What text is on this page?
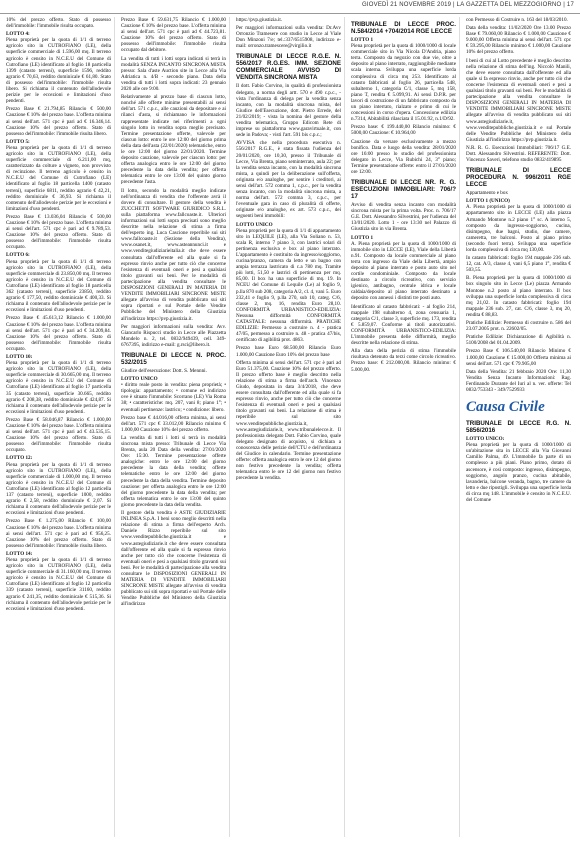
GIOVEDÌ 21 NOVEMBRE 2019 | LA GAZZETTA DEL MEZZOGIORNO | 17

10% del prezzo offerto. Stato di possesso dell'immobile: l'immobile risulta occupato.

LOTTO 4:

Piena proprietà per la quota di 1/1 di terreno agricolo sito in CUTROFIANO (LE), della superficie commerciale di 1.596,00 mq. Il terreno agricolo è censito in N.C.E.U del Comune di Cutrofiano (LE) identificato al foglio 18 particella 1399 (catasto terreni), superficie 1596, reddito agrario € 70,63, reddito dominicale € 61,80. Stato di possesso dell'immobile: l'immobile risulta libero. Si richiama il contenuto dell'allodevole perizie per le eccezioni e limitazioni d'uso pendenti.

Prezzo Base € 21.794,85 Rilancio € 500,00 Cauzione € 10% del prezzo base. L'offerta minima ai sensi dell'art. 571 cpc è pari ad € 16.346,14. Cauzione 10% del prezzo offerto. Stato di possesso dell'immobile: l'immobile risulta libero.

LOTTO 5:

Piena proprietà per la quota di 1/1 di terreno agricolo sito in CUTROFIANO (LE), della superficie commerciale di 6.211,00 mq, caratterizzato da colture a vigneto, non provvisto di recinzione. Il terreno agricolo è censito in N.C.E.U del Comune di Cutrofiano (LE) identificato al foglio 18 particella 1400 (catasto terreni), superficie 6811, reddito agrario € 42,21, reddito dominicale € 36,93. Si richiama il contenuto dell'allodevole perizie per le eccezioni e limitazioni d'uso pendenti.

Prezzo Base € 13.036,04 Rilancio € 500,00 Cauzione € 10% del prezzo base. L'offerta minima ai sensi dell'art. 571 cpc è pari ad € 9.789,53. Cauzione 10% del prezzo offerto. Stato di possesso dell'immobile: l'immobile risulta occupato.

LOTTO 6:

Piena proprietà per la quota di 1/1 di terreno agricolo sito in CUTROFIANO (LE), della superficie commerciale di 23.850,00 mq. Il terreno agricolo è censito in N.C.E.U del Comune di Cutrofiano (LE) identificato al foglio 18 particella 362 (catasto terreni), superficie 23850, reddito agrario € 177,50, reddito dominicale € 400,33. Si richiama il contenuto dell'allodevole perizie per le eccezioni e limitazioni d'uso pendenti.

Prezzo Base € 45.613,12 Rilancio € 1.000,00 Cauzione € 10% del prezzo base. L'offerta minima ai sensi dell'art. 571 cpc è pari ad € 34.209,84. Cauzione 10% del prezzo offerto. Stato di possesso dell'immobile: l'immobile risulta occupato.

LOTTO 10:

Piena proprietà per la quota di 1/1 di terreno agricolo sito in CUTROFIANO (LE), della superficie commerciale di 30.665,00 mq. Il terreno agricolo è censito in N.C.E.U del Comune di Cutrofiano (LE) identificato al foglio 17 particella 35 (catasto terreni), superficie 30.665, reddito agrario € 208,38, reddito dominicale € 424,87. Si richiama il contenuto dell'allodevole perizie per le eccezioni e limitazioni d'uso pendenti.

Prezzo Base € 58.046,87 Rilancio € 1.000,00 Cauzione € 10% del prezzo base. L'offerta minima ai sensi dell'art. 571 cpc è pari ad € 43.535,15. Cauzione 10% del prezzo offerto. Stato di possesso dell'immobile: l'immobile risulta occupato.

LOTTO 12:

Piena proprietà per la quota di 1/1 di terreno agricolo sito in CUTROFIANO (LE), della superficie commerciale di 1.000,00 mq. Il terreno agricolo è censito in N.C.E.U del Comune di Cutrofiano (LE) identificato al foglio 12 particella 137 (catasto terreni), superficie 1000, reddito agrario € 2,58, reddito dominicale € 2,07. Si richiama il contenuto dell'allodevole perizie per le eccezioni e limitazioni d'uso pendenti.

Prezzo Base € 1.275,00 Rilancio € 100,00 Cauzione € 10% del prezzo base. L'offerta minima ai sensi dell'art. 571 cpc è pari ad € 956,25. Cauzione 10% del prezzo offerto. Stato di possesso dell'immobile: l'immobile risulta libero.

LOTTO 14:

Piena proprietà per la quota di 1/1 di terreno agricolo sito in CUTROFIANO (LE), della superficie commerciale di 31.160,00 mq. Il terreno agricolo è censito in N.C.E.U del Comune di Cutrofiano (LE) identificato al foglio 12 particella 339 (catasto terreni), superficie 31160, reddito agrario € 241,35, reddito dominicale € 515,36. Si richiama il contenuto dell'allodevole perizie per le eccezioni e limitazioni d'uso pendenti.

Prezzo Base € 59.631,75 Rilancio € 1.000,00 Cauzione € 10% del prezzo base. L'offerta minima ai sensi dell'art. 571 cpc è pari ad € 44.723,81. Cauzione 10% del prezzo offerto. Stato di possesso dell'immobile: l'immobile risulta occupato dal debitore.

La vendita di tutti i lotti sopra indicati si terrà in modalità SENZA INCANTO SINCRONA MISTA presso: Sala d'aste Auction site in Lecce alla Via Adriatica n. 4/B - secondo piano. Data della vendita di tutti i lotti sopra indicati: 23 gennaio 2020 alle ore 9:00.

Relativamente al prezzo base di ciascun lotto, nonché alle offerte minime presentabili ai sensi dell'art. 571 c.p.c., alle cauzioni da depositare e ai rilanci d'asta, si richiamano le informazioni rappresentate indicate nei riferimenti a ogni singolo lotto in vendita sopra meglio precisato. Termine presentazione offerte, valevole per ciascun lotto: entro le ore 12:00 del giorno prima della data dell'asta (22/01/2020) telematiche, entro le ore 12:00 del giorno 22/01/2020. Termine deposito cauzione, valevole per ciascun lotto: per offerta analogica entro le ore 12:00 del giorno precedente la data della vendita; per offerta telematica entro le ore 13:00 del quinto giorno precedente l'asta.

Il lotto, secondo la modalità meglio indicate nell'ordinanza di vendita che l'offerente avrà il dovere di consultare. Il gestore della vendita è ZUCCHETTI SOFTWARE GIURIDICO S.R.L. sulla piattaforma www.fallcoaste.it. Ulteriori informazioni sui lotti sopra precisati sono meglio descritte nella relazione di stima a firma dell'esperto ing. Luca Cascione reperibile sui siti www.fallcoaste.it (Sezione della Vendita), www.osanet.it, www.asteannunci.it e www.venditegiudiziarieitalia.it che deve essere consultata dall'offerente ed alla quale si fa espresso rinvio anche per tutto ciò che concerne l'esistenza di eventuali oneri e pesi a qualsiasi titolo gravanti sui beni. Per le modalità di partecipazione alla vendita consultare le DISPOSIZIONI GENERALI IN MATERIA DI VENDITE IMMOBILIARI SINCRONE MISTE allegate all'avviso di vendita pubblicato sui siti sopra riportati e sul Portale delle Vendite Pubbliche del Ministero della Giustizia all'indirizzo https://pvp.giustizia.it.

Per maggiori informazioni sulla vendita: Avv. Giancarlo Rispucci studio in Lecce alle Piazzetta Mondelo n. 2, tel. 0832/949439, cell. 349-6767395, indirizzo e-mail: g.rsci@libero.it.

TRIBUNALE DI LECCE N. PROC. 532/2015

Giudice dell'esecuzione: Dott. S. Mennni.

LOTTO UNICO

• diritto reale posto in vendita: piena proprietà; • tipologia: appartamento; • comune ed indirizzo ove è situato l'immobile: Scorrano (LE) Via Roma 38; • caratteristiche: mq. 207, vani 8; piano 1°; • eventuali pertinenze: lastrico; • condizione: libero.

Prezzo base € 44.016,00 offerta minima, ai sensi dell'art. 571 cpc € 33.012,00 Rilancio minimo € 1.000,00 Cauzione 10% del prezzo offerto.

La vendita di tutti i lotti si terrà in modalità sincrona mista presso: Tribunale di Lecce Via Brenta, aula 20 Data della vendita: 27/01/2020 Ore: 15:30. Termine presentazione offerte analogiche: entro le ore 12:00 del giorno precedente la data della vendita; offerte telematiche entro le ore 12:00 del giorno precedente la data della vendita. Termine deposito cauzione: per offerta analogica entro le ore 12:00 del giorno precedente la data della vendita; per offerta telematica entro le ore 13:00 del quinto giorno precedente la data della vendita.

Il gestore della vendita è ASTE GIUDIZIARIE INLINEA S.p.A. I beni sono meglio descritti nella relazione di stima a firma dell'esperto Arch. Daniele Rizzo reperibile sul sito www.venditepubbliche.giustizia.it e www.astegiudiziarie.it che deve essere consultata dall'offerente ed alla quale si fa espresso rinvio anche per tutto ciò che concerne l'esistenza di eventuali oneri e pesi a qualsiasi titolo gravanti sui beni. Per le modalità di partecipazione alla vendita consultare le DISPOSIZIONI GENERALI IN MATERIA DI VENDITE IMMOBILIARI SINCRONE MISTE allegate all'avviso di vendita pubblicato sui siti sopra riportati e sul Portale delle Vendite Pubbliche del Ministero della Giustizia all'indirizzo

https://pvp.giustizia.it.

Per maggiori informazioni sulla vendita: Dr.Avv Orronzio Tramesere con studio in Lecce al Viale Don Minzoni 7/e; tel.:337/6515908, indirizzo e-mail: orronzo.tramescere@virgilio.it

TRIBUNALE DI LECCE R.G.E. N. 556/2017 R.G.ES. IMM. SEZIONE COMMERCIALE AVVISO DI VENDITA SINCRONA MISTA

Il dott. Fabio Corvino, in qualità di professionista delegato, a norma degli artt. 570 e 490 c.p.c., - vista l'ordinanza di delega per la vendita senza incanto, con la modalità sincrona mista, del Giudice dell'Esecuzione, dott. Pietro Errede, del 21/02/2019; - vista la nomina del gestore della vendita telematica, Gruppo Edicom Rete di imprese su piattaforma www.garavirtuale.it, con sede in Padova; - visti l'art. 591 bis c.p.c.;

AVVISA che nella procedura esecutiva n. 556/2017 R.G.E., è stata fissata l'udienza del 20/01/2020, ore 10,30, presso il Tribunale di Lecce, Via Brenta, piano seminterrato, aula 22; per la vendita senza incanto, con la modalità sincrona mista, a quindi per la deliberazione sull'offerta, originata e/o analoghe, per sentire i creditori, ai sensi dell'art. 572 comma 1, c.p.c., per la vendita senza incanto, con la modalità sincrona mista, a norma dell'art. 572 comma 3, c.p.c., per l'eventuale gara in caso di pluralità di offerte, originate e/o analoghe, ex art. 573 c.p.c., dei seguenti beni immobili:

LOTTO UNICO

Piena proprietà per la quota di 1/1 di appartamento sito in LEQUILE (LE), alla Via Soliano n. 53, scala R, interno 7 piano 3, con lastrici solari di pertinenza esclusiva e box al piano interrato. L'appartamento è costituito da ingresso/soggiorno, cucina/pranzo, camera da letto e un bagno con ampia terrazza lastricato di c.a 780 mq. Tramite più lotti, 51,50 e lastrici di pertinenza per mq. 85,00. Il box ha una superficie di mq. 19. In NCEU del Comune di Lequile (Le) al foglio 9, p.lla 870 sub 208, categoria A/2, cl. 4, vani 5. Euro 232,41 e foglio 9, p.lla 270, sub 10, categ. C/6, classe 2, mq. 16, rendita Euro 28,10. CONFORMITÀ URBANISTICO-EDILIZIA: Nessuna difformità CONFORMITÀ CATASTALE: nessuna difformità. PRATICHE EDILIZIE: Permesso a costruire n. 4 - pratica 47/05, permesso a costruire n. 48 - pratica 47/bis, certificato di agibilità prot. 4863.

Prezzo base Euro 68.500,00 Rilancio Euro 1.000,00 Cauzione Euro 10% del prezzo base

Offerta minima ai sensi dell'art. 571 cpc è pari ad Euro 51.375,00. Cauzione 10% del prezzo offerto. Il prezzo offerto base è meglio descritto nella relazione di stima a firma dell'arch. Vincenzo Giudo, depositata in data 3/4/2018, che deve essere consultata dall'offerente ed alla quale si fa espresso rinvio, anche per tutto ciò che concerne l'esistenza di eventuali oneri e pesi a qualsiasi titolo gravanti sui beni. La relazione di stima è reperibile sul sito www.venditepubbliche.giustizia.it, www.astegiudiziarie.it, www.tribunalelecce.it. Il professionista delegato Dott. Fabio Corvino, quale delegato designato di acquisto, si dichiara a conoscenza delle perizie dell'CTU e dell'ordinanza del Giudice in calendario. Termine presentazione offerte: offerta analogica entro le ore 12 del giorno non festivo precedente la vendita; offerta telematica entro le ore 12 del giorno non festivo precedente la vendita.

TRIBUNALE DI LECCE PROC. N.584/2014 +704/2014 RGE LECCE

LOTTO 1

Piena proprietà per la quota di 1000/1000 di locale commerciale sito in Via Nicola D'Andria, piano terra. Composto da negozio con due vie, oltre a deposito al piano interrato, raggiungibile mediante scala interna. Sviluppa una superficie lorda complessiva di circa mq 253. Identificato al catasto fabbricati al foglio 26, particella 548, subalterno 1, categoria C/1, classe 5, mq 158, piano T, rendita € 5.099,91. Ai sensi D.P.R. per lavori di costruzione di un fabbricato composto da un piano interrato, rialzato e primo di cui le concessioni in corso d'opera. Concessione edilizia n.7314, Abitabilità rilasciata il 15.01.92, n.1/D/92.

Prezzo base: € 199.440,00 Rilancio minimo: € 5000,00 Cauzione: € 10.964,00

Cauzione da versare esclusivamente a mezzo bonifico. Data e luogo della vendita: 28/01/2020 ore 16:00 presso lo studio del professionista delegato in Lecce, Via Rubichi 24, 3° piano; Termine presentazione offerte: entro il 27/01/2020 ore 12:00.

TRIBUNALE DI LECCE NR. R. G. ESECUZIONI IMMOBILIARI: 706/?17

Avviso di vendita senza incanto con modalità sincrona mista per la prima volta. Proc. n. 706/17 G.E. Dott. Alessandro Silvestrini, per l'udienza del 13/01/2020. Lotto 1 - ore 13:30 nel Palazzo di Giustizia sito in via Brenta.

LOTTO 1

A. Piena proprietà per la quota di 1000/1000 di immobile sito in LECCE (LE), Viale della Libertà n.91. Composto da locale commerciale al piano terra con ingresso da Viale della Libertà, ampio deposito al piano interrato e posto auto sito nel cortile condominiale. Composto da locale destinato a circolo ricreativo, con servizio igienico, antibagno, centrale idrica e locale caldaia/deposito al piano interrato destinato a deposito con annessi i distinti tre posti auto.

Identificato al catasto fabbricati: - al foglio 214, mappale 198 subalterno 4, zona censuaria 1, categoria C/1, classe 3, superficie mq. 173, rendita € 5.859,07. Conforme ai titoli autorizzativi. CONFORMITÀ URBANISTICO-EDILIZIA: L'immobile presenta delle difformità, meglio descritte nella relazione di stima.

Alla data della perizia di stima l'immobile risultava detenuto da terzi come circolo ricreativo. Prezzo base: € 212.000,00. Rilancio minimo: € 5.000,00.

con Permesso di Costruire n. 163 del 18/03/2010.

Data della vendita: 11/02/2020 Ore 13.00 Prezzo Base € 79.060,00 Rilancio € 1.000,00 Cauzione € 9.000,00 Offerta minima ai sensi dell'art. 571 cpc € 59.295,00 Rilancio minimo € 1.000,00 Cauzione 10% del prezzo offerto.

I beni di cui al Lotto precedente è meglio descritto nella relazione di stima dell'ing. Niccolò Manili, che deve essere consultata dall'offerente ed alla quale si fa espresso rinvio, anche per tutto ciò che concerne l'esistenza di eventuali oneri e pesi a qualsiasi titolo gravanti sui beni. Per le modalità di partecipazione alla vendita consultare le DISPOSIZIONI GENERALI IN MATERIA DI VENDITE IMMOBILIARI SINCRONE MISTE allegate all'avviso di vendita pubblicato sui siti www.astegiudiziarie.it, www.venditepubbliche.giustizia.it e sul Portale delle Vendite Pubbliche del Ministero della Giustizia all'indirizzo https://pvp.giustizia.it.

N.R. R. G. Esecuzioni Immobiliari: 706/17 G.E. Dott. Alessandro Silvestrini. REFERENTE: Dott. Vincenzo Saveri, telefono studio 0832/419895

TRIBUNALE DI LECCE PROCEDURA N. 996/2011 RGE LECCE

Appartamento e box

LOTTO 1 (UNICO)

A. Piena proprietà per la quota di 1000/1000 di appartamento sito in LECCE (LE) alla piazza Armando Montone n.2 piano 1° sc. A interno 5, composto da ingresso-soggiorno, cucina, disimpegno, due bagni, studio, due camere, cameretta, tre balconi. Posto al piano primo (secondo fuori terra). Sviluppa una superficie lorda complessiva di circa mq 130,00.

In catasto fabbricati: foglio 194 mappale 236 sub. 12, cat. A/3, classe 4, vani 6,5 piano 1°, rendita € 503,55.

B. Piena proprietà per la quota di 1000/1000 di box singolo sito in Lecce (Le) piazza Armando Montone n.2 posto al piano interrato. Il box sviluppa una superficie lorda complessiva di circa mq 21,02. In catasto fabbricati: foglio 194 mappale 236 sub. 27, cat. C/6, classe 3, mq 20, rendita € 88,83.

Pratiche Edilizie: Permesso di costruire n. 586 del 23.07.2005 prot. n. 22602/05.

Pratiche Edilizie: Dichiarazione di Agibilità n. 5100/2008 del 01.04.2009.

Prezzo Base € 106.540,00 Rilancio Minimo € 1.000,00 Cauzione € 15.000,00 Offerta minima ai sensi dell'art. 571 cpc € 79.905,00

Data della Vendita: 21 febbraio 2020 Ore: 11,30 Vendita Senza Incanto Informazioni: Rag. Ferdinando Durante del Iuri al n. ver. offerte: Tel 0832/753343 - 349/7529933

Causa Civile
TRIBUNALE DI LECCE R.G. N. 5856/2016

LOTTO UNICO:

Piena proprietà per la quota di 1000/1000 di un'abitazione sita in LECCE alla Via Giovanni Camillo Palma, 49. L'immobile fa parte di un complesso a più piani. Piano primo, dotato di ascensore, è così composto: ingresso, disimpegno, soggiorno, angolo pranzo, cucina abitabile, lavanderia, balcone veranda, bagno, tre camere da letto e due ripostigli. Sviluppa una superficie lorda di circa mq 148. L'immobile è censito in N.C.E.U. del Comune
